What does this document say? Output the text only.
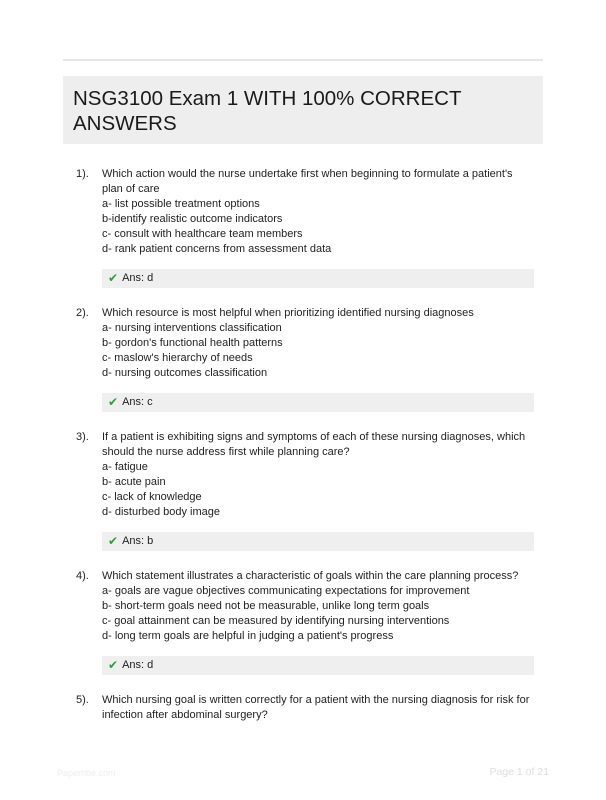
NSG3100 Exam 1 WITH 100% CORRECT ANSWERS
1). Which action would the nurse undertake first when beginning to formulate a patient's plan of care
a- list possible treatment options
b-identify realistic outcome indicators
c- consult with healthcare team members
d- rank patient concerns from assessment data
✔ Ans: d
2). Which resource is most helpful when prioritizing identified nursing diagnoses
a- nursing interventions classification
b- gordon's functional health patterns
c- maslow's hierarchy of needs
d- nursing outcomes classification
✔ Ans: c
3). If a patient is exhibiting signs and symptoms of each of these nursing diagnoses, which should the nurse address first while planning care?
a- fatigue
b- acute pain
c- lack of knowledge
d- disturbed body image
✔ Ans: b
4). Which statement illustrates a characteristic of goals within the care planning process?
a- goals are vague objectives communicating expectations for improvement
b- short-term goals need not be measurable, unlike long term goals
c- goal attainment can be measured by identifying nursing interventions
d- long term goals are helpful in judging a patient's progress
✔ Ans: d
5). Which nursing goal is written correctly for a patient with the nursing diagnosis for risk for infection after abdominal surgery?
Paperhbe.com	Page 1 of 21
